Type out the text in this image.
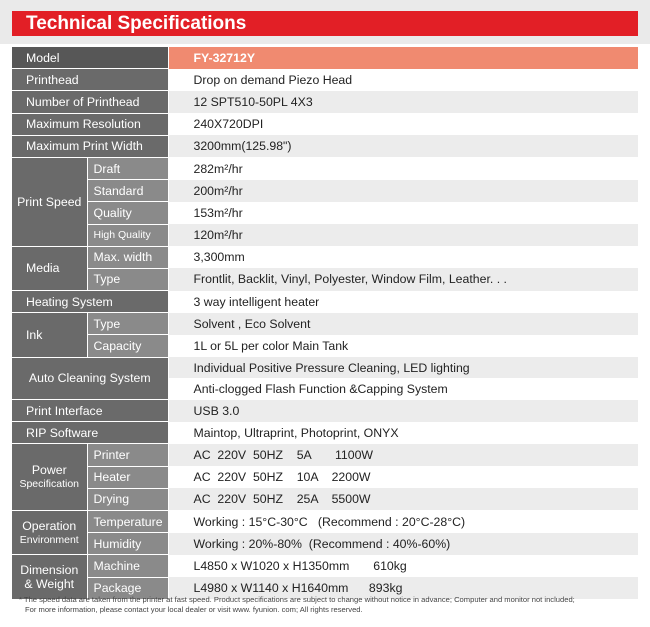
Technical Specifications
Model		FY-32712Y
Printhead		Drop on demand Piezo Head
Number of Printhead		12 SPT510-50PL 4X3
Maximum Resolution		240X720DPI
Maximum Print Width		3200mm(125.98")
Print Speed	Draft	282m²/hr
	Standard	200m²/hr
	Quality	153m²/hr
	High Quality	120m²/hr
Media	Max. width	3,300mm
	Type	Frontlit, Backlit, Vinyl, Polyester, Window Film, Leather. . .
Heating System		3 way intelligent heater
Ink	Type	Solvent , Eco Solvent
	Capacity	1L or 5L per color Main Tank
Auto Cleaning System		Individual Positive Pressure Cleaning, LED lighting
		Anti-clogged Flash Function &Capping System
Print Interface		USB 3.0
RIP Software		Maintop, Ultraprint, Photoprint, ONYX

Power
Specification	Printer	AC  220V  50HZ    5A       1100W
	Heater	AC  220V  50HZ    10A    2200W
	Drying	AC  220V  50HZ    25A    5500W

Operation
Environment	Temperature	Working : 15°C-30°C   (Recommend : 20°C-28°C)
	Humidity	Working : 20%-80%  (Recommend : 40%-60%)

Dimension
& Weight	Machine	L4850 x W1020 x H1350mm       610kg
	Package	L4980 x W1140 x H1640mm      893kg
* The speed data are taken from the printer at fast speed. Product specifications are subject to change without notice in advance; Computer and monitor not included;
For more information, please contact your local dealer or visit www. fyunion. com; All rights reserved.
